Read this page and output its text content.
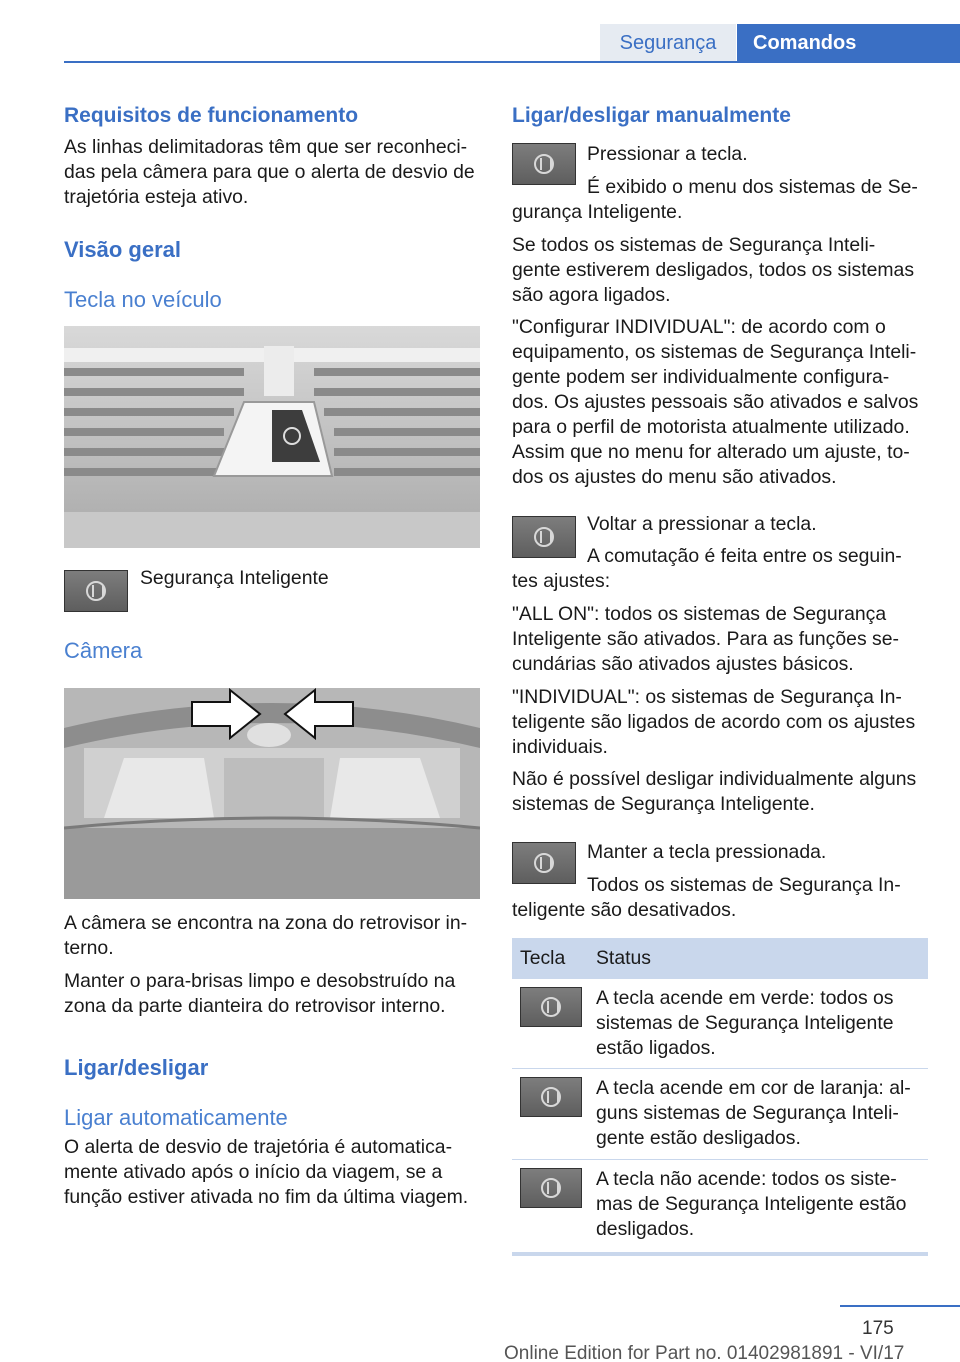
Segurança	Comandos
Requisitos de funcionamento
As linhas delimitadoras têm que ser reconheci-
das pela câmera para que o alerta de desvio de
trajetória esteja ativo.
Visão geral
Tecla no veículo
Segurança Inteligente
Câmera
A câmera se encontra na zona do retrovisor in-
terno.
Manter o para-brisas limpo e desobstruído na
zona da parte dianteira do retrovisor interno.
Ligar/desligar
Ligar automaticamente
O alerta de desvio de trajetória é automatica-
mente ativado após o início da viagem, se a
função estiver ativada no fim da última viagem.
Ligar/desligar manualmente
Pressionar a tecla.
É exibido o menu dos sistemas de Se-
gurança Inteligente.
Se todos os sistemas de Segurança Inteli-
gente estiverem desligados, todos os sistemas
são agora ligados.
"Configurar INDIVIDUAL": de acordo com o
equipamento, os sistemas de Segurança Inteli-
gente podem ser individualmente configura-
dos. Os ajustes pessoais são ativados e salvos
para o perfil de motorista atualmente utilizado.
Assim que no menu for alterado um ajuste, to-
dos os ajustes do menu são ativados.
Voltar a pressionar a tecla.
A comutação é feita entre os seguin-
tes ajustes:
"ALL ON": todos os sistemas de Segurança
Inteligente são ativados. Para as funções se-
cundárias são ativados ajustes básicos.
"INDIVIDUAL": os sistemas de Segurança In-
teligente são ligados de acordo com os ajustes
individuais.
Não é possível desligar individualmente alguns
sistemas de Segurança Inteligente.
Manter a tecla pressionada.
Todos os sistemas de Segurança In-
teligente são desativados.
Tecla	Status
A tecla acende em verde: todos os
sistemas de Segurança Inteligente
estão ligados.
A tecla acende em cor de laranja: al-
guns sistemas de Segurança Inteli-
gente estão desligados.
A tecla não acende: todos os siste-
mas de Segurança Inteligente estão
desligados.
175
Online Edition for Part no. 01402981891 - VI/17
